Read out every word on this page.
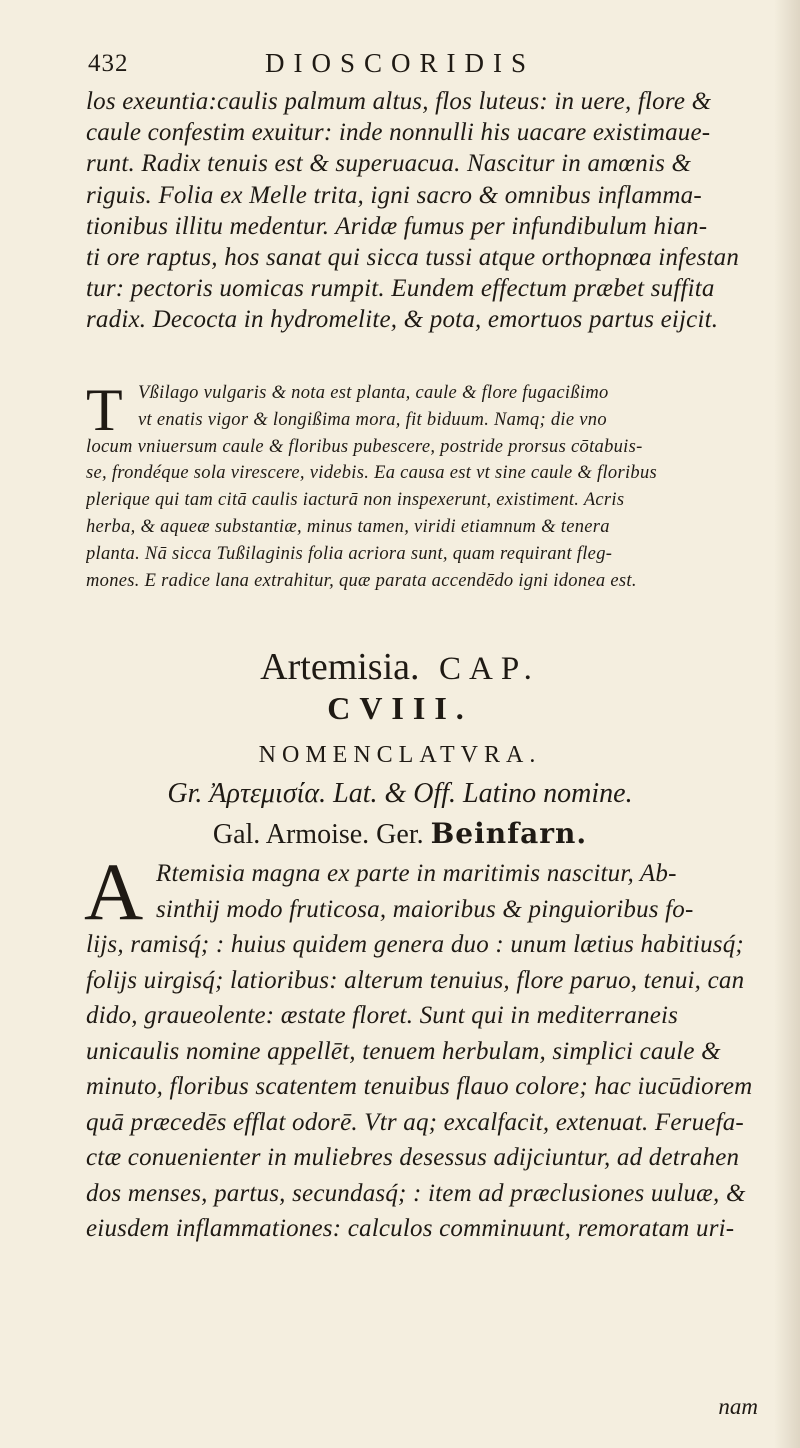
432	DIOSCORIDIS
los exeuntia:caulis palmum altus, flos luteus: in uere, flore &
caule confestim exuitur: inde nonnulli his uacare existimaue-
runt. Radix tenuis est & superuacua. Nascitur in amœnis &
riguis. Folia ex Melle trita, igni sacro & omnibus inflamma-
tionibus illitu medentur. Aridæ fumus per infundibulum hian-
ti ore raptus, hos sanat qui sicca tussi atque orthopnœa infestan
tur: pectoris uomicas rumpit. Eundem effectum præbet suffita
radix. Decocta in hydromelite, & pota, emortuos partus eijcit.
T Vßilago vulgaris & nota est planta, caule & flore fugacißimo
vt enatis vigor & longißima mora, fit biduum. Namq; die vno
locum vniuersum caule & floribus pubescere, postride prorsus cōtabuis-
se, frondéque sola virescere, videbis. Ea causa est vt sine caule & floribus
plerique qui tam citā caulis iacturā non inspexerunt, existiment. Acris
herba, & aqueæ substantiæ, minus tamen, viridi etiamnum & tenera
planta. Nā sicca Tußilaginis folia acriora sunt, quam requirant fleg-
mones. E radice lana extrahitur, quæ parata accendēdo igni idonea est.
Artemisia. CAP.
CVIII.
NOMENCLATVRA.
Gr. Ἀρτεμισία. Lat. & Off. Latino nomine.
Gal. Armoise. Ger. Beinfarn.
A Rtemisia magna ex parte in maritimis nascitur, Ab-
sinthij modo fruticosa, maioribus & pinguioribus fo-
lijs, ramisq́; : huius quidem genera duo : unum lætius habitiusq́;
folijs uirgisq́; latioribus: alterum tenuius, flore paruo, tenui, can
dido, graueolente: æstate floret. Sunt qui in mediterraneis
unicaulis nomine appellēt, tenuem herbulam, simplici caule &
minuto, floribus scatentem tenuibus flauo colore; hac iucūdiorem
quā præcedēs efflat odorē. Vtr aq; excalfacit, extenuat. Feruefa-
ctæ conuenienter in muliebres desessus adijciuntur, ad detrahen
dos menses, partus, secundasq́; : item ad præclusiones uuluæ, &
eiusdem inflammationes: calculos comminuunt, remoratam uri-
nam
